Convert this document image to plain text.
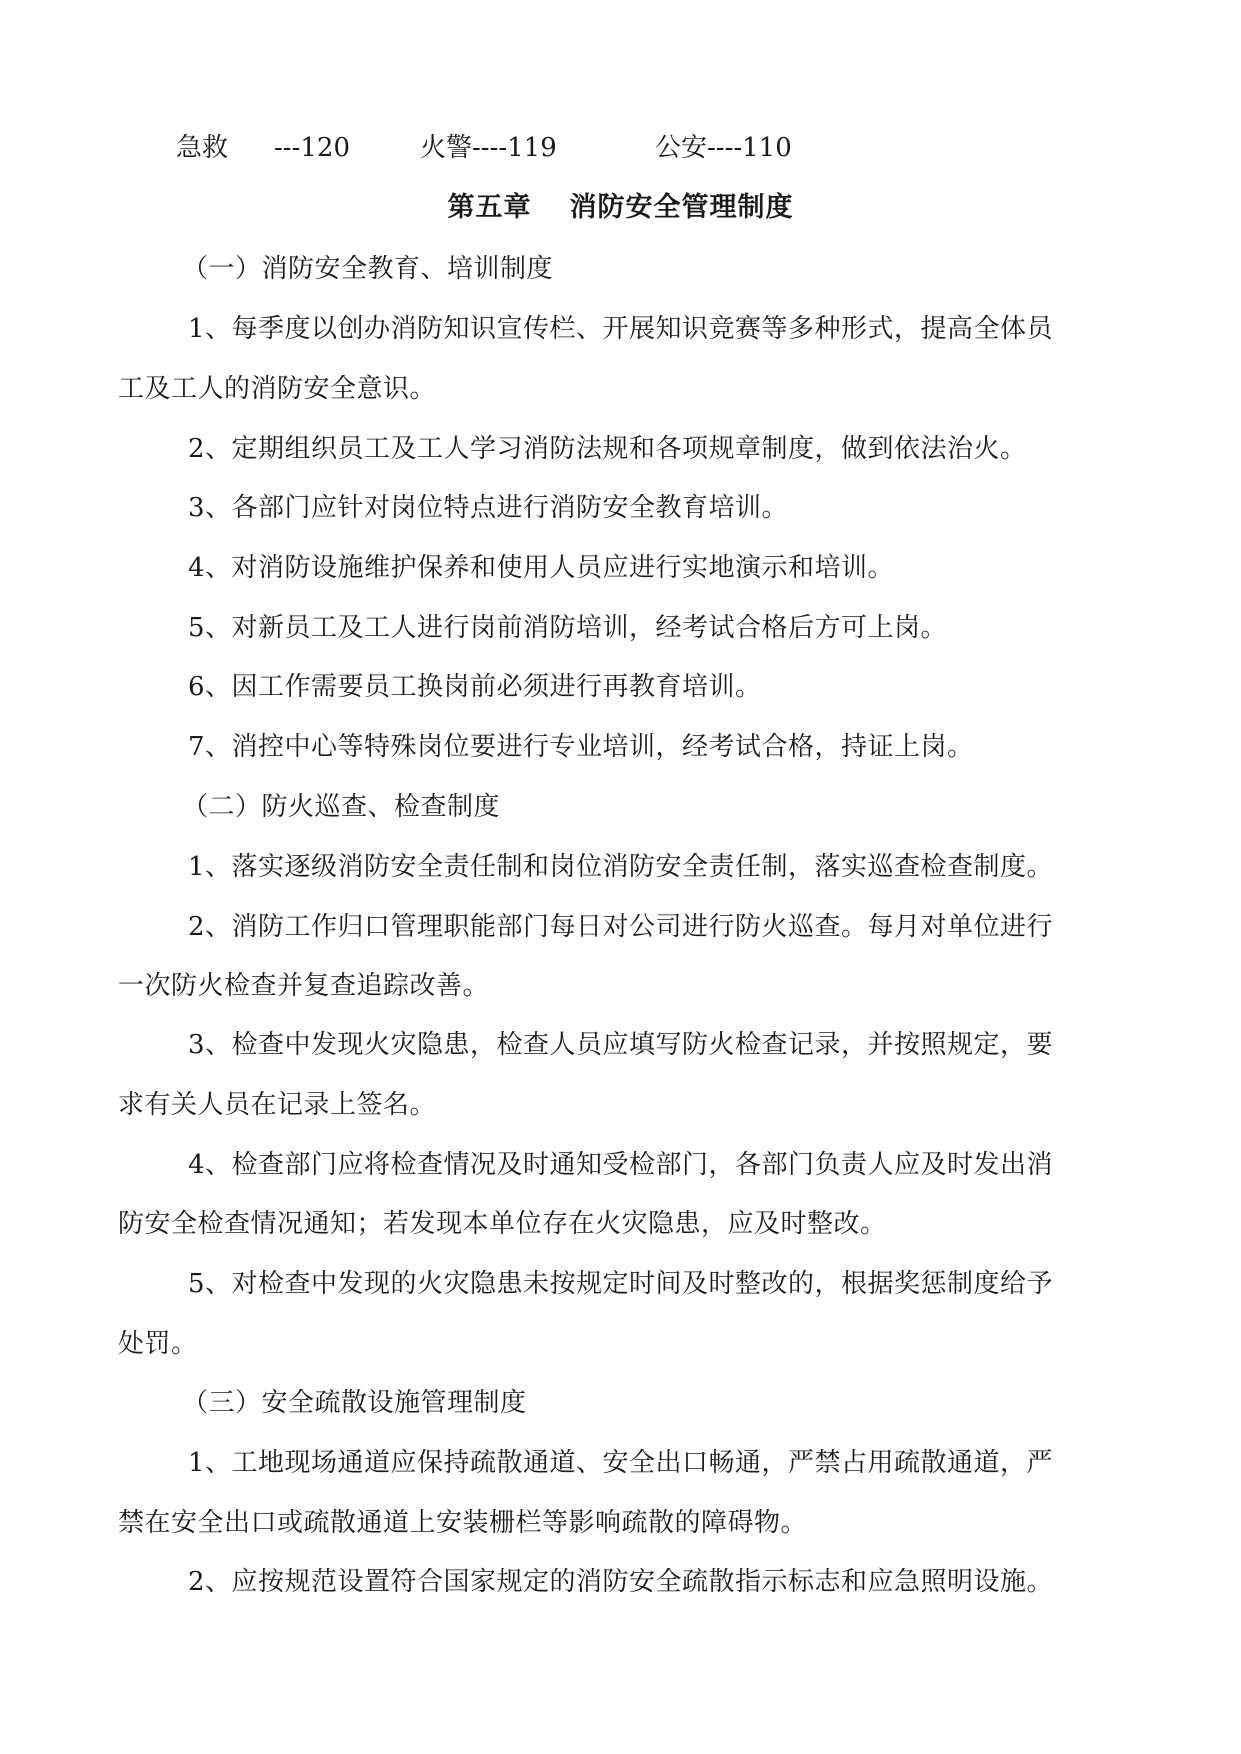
急救 ---120	火警----119	公安----110
第五章 消防安全管理制度
（一）消防安全教育、培训制度
1、每季度以创办消防知识宣传栏、开展知识竞赛等多种形式，提高全体员
工及工人的消防安全意识。
2、定期组织员工及工人学习消防法规和各项规章制度，做到依法治火。
3、各部门应针对岗位特点进行消防安全教育培训。
4、对消防设施维护保养和使用人员应进行实地演示和培训。
5、对新员工及工人进行岗前消防培训，经考试合格后方可上岗。
6、因工作需要员工换岗前必须进行再教育培训。
7、消控中心等特殊岗位要进行专业培训，经考试合格，持证上岗。
（二）防火巡查、检查制度
1、落实逐级消防安全责任制和岗位消防安全责任制，落实巡查检查制度。
2、消防工作归口管理职能部门每日对公司进行防火巡查。每月对单位进行
一次防火检查并复查追踪改善。
3、检查中发现火灾隐患，检查人员应填写防火检查记录，并按照规定，要
求有关人员在记录上签名。
4、检查部门应将检查情况及时通知受检部门，各部门负责人应及时发出消
防安全检查情况通知；若发现本单位存在火灾隐患，应及时整改。
5、对检查中发现的火灾隐患未按规定时间及时整改的，根据奖惩制度给予
处罚。
（三）安全疏散设施管理制度
1、工地现场通道应保持疏散通道、安全出口畅通，严禁占用疏散通道，严
禁在安全出口或疏散通道上安装栅栏等影响疏散的障碍物。
2、应按规范设置符合国家规定的消防安全疏散指示标志和应急照明设施。
